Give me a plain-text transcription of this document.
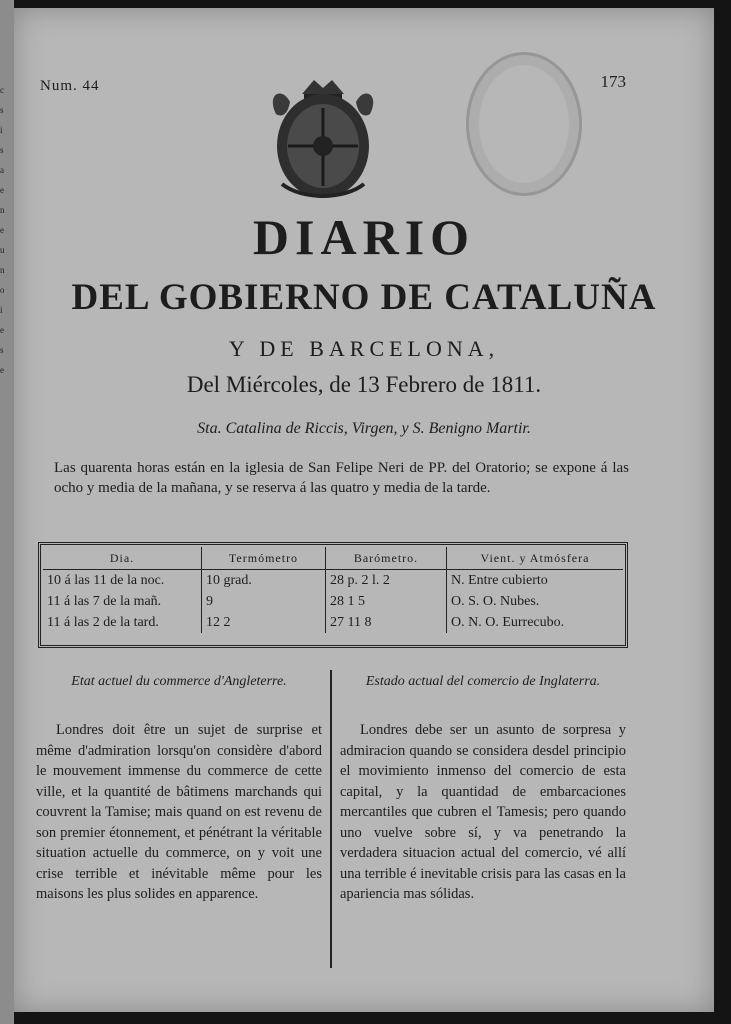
c s i s a e n e u n o i e s e
Num. 44	173
DIARIO
DEL GOBIERNO DE CATALUÑA
Y DE BARCELONA,
Del Miércoles, de 13 Febrero de 1811.
Sta. Catalina de Riccis, Virgen, y S. Benigno Martir.

Las quarenta horas están en la iglesia de San Felipe Neri de PP. del Oratorio; se expone á las ocho y media de la mañana, y se reserva á las quatro y media de la tarde.

Dia.	Termómetro	Barómetro.	Vient. y Atmósfera
10 á las 11 de la noc.	10 grad.	28 p. 2 l. 2	N. Entre cubierto
11 á las 7 de la mañ.	9	28 1 5	O. S. O. Nubes.
11 á las 2 de la tard.	12 2	27 11 8	O. N. O. Eurrecubo.
Etat actuel du commerce d'Angleterre.

Londres doit être un sujet de surprise et même d'admiration lorsqu'on considère d'abord le mouvement immense du commerce de cette ville, et la quantité de bâtimens marchands qui couvrent la Tamise; mais quand on est revenu de son premier étonnement, et pénétrant la véritable situation actuelle du commerce, on y voit une crise terrible et inévitable même pour les maisons les plus solides en apparence.

Estado actual del comercio de Inglaterra.

Londres debe ser un asunto de sorpresa y admiracion quando se considera desdel principio el movimiento inmenso del comercio de esta capital, y la quantidad de embarcaciones mercantiles que cubren el Tamesis; pero quando uno vuelve sobre sí, y va penetrando la verdadera situacion actual del comercio, vé allí una terrible é inevitable crisis para las casas en la apariencia mas sólidas.
